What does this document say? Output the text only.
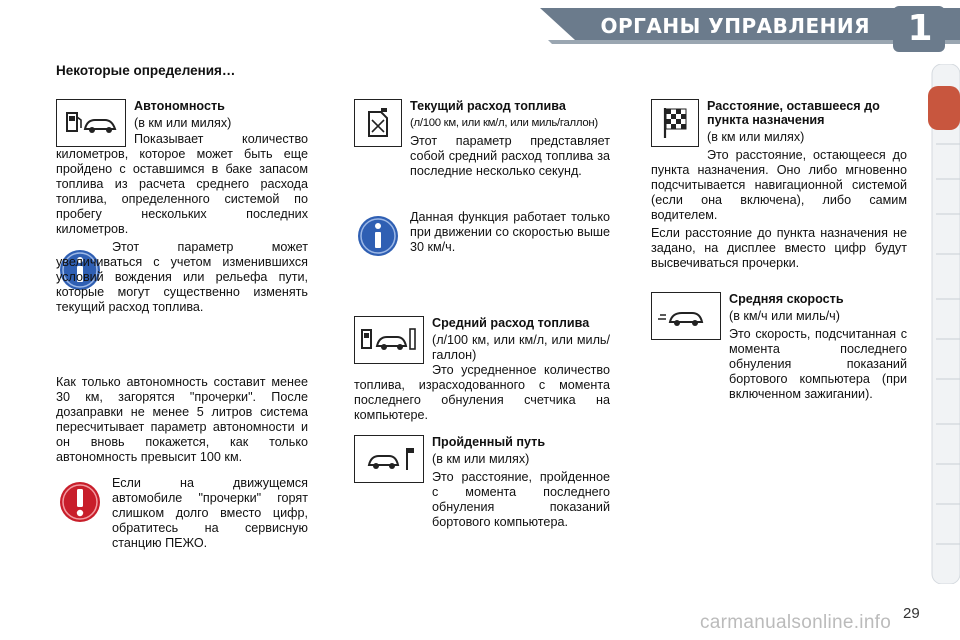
ОРГАНЫ УПРАВЛЕНИЯ	1
Некоторые определения…

Автономность

(в км или милях)

Показывает количество километров, которое может быть еще пройдено с оставшимся в баке запасом топлива из расчета среднего расхода топлива, определенного системой по пробегу нескольких последних километров.

Этот параметр может увеличиваться с учетом изменившихся условий вождения или рельефа пути, которые могут существенно изменять текущий расход топлива.

Как только автономность составит менее 30 км, загорятся "прочерки". После дозаправки не менее 5 литров система пересчитывает параметр автономности и он вновь покажется, как только автономность превысит 100 км.

Если на движущемся автомобиле "прочерки" горят слишком долго вместо цифр, обратитесь на сервисную станцию ПЕЖО.

Текущий расход топлива

(л/100 км, или км/л, или миль/галлон)

Этот параметр представляет собой средний расход топлива за последние несколько секунд.

Данная функция работает только при движении со скоростью выше 30 км/ч.

Средний расход топлива

(л/100 км, или км/л, или миль/галлон)

Это усредненное количество топлива, израсходованного с момента последнего обнуления счетчика на компьютере.

Пройденный путь

(в км или милях)

Это расстояние, пройденное с момента последнего обнуления показаний бортового компьютера.

Расстояние, оставшееся до пункта назначения

(в км или милях)

Это расстояние, остающееся до пункта назначения. Оно либо мгновенно подсчитывается навигационной системой (если она включена), либо самим водителем.

Если расстояние до пункта назначения не задано, на дисплее вместо цифр будут высвечиваться прочерки.

Средняя скорость

(в км/ч или миль/ч)

Это скорость, подсчитанная с момента последнего обнуления показаний бортового компьютера (при включенном зажигании).

29
carmanualsonline.info
